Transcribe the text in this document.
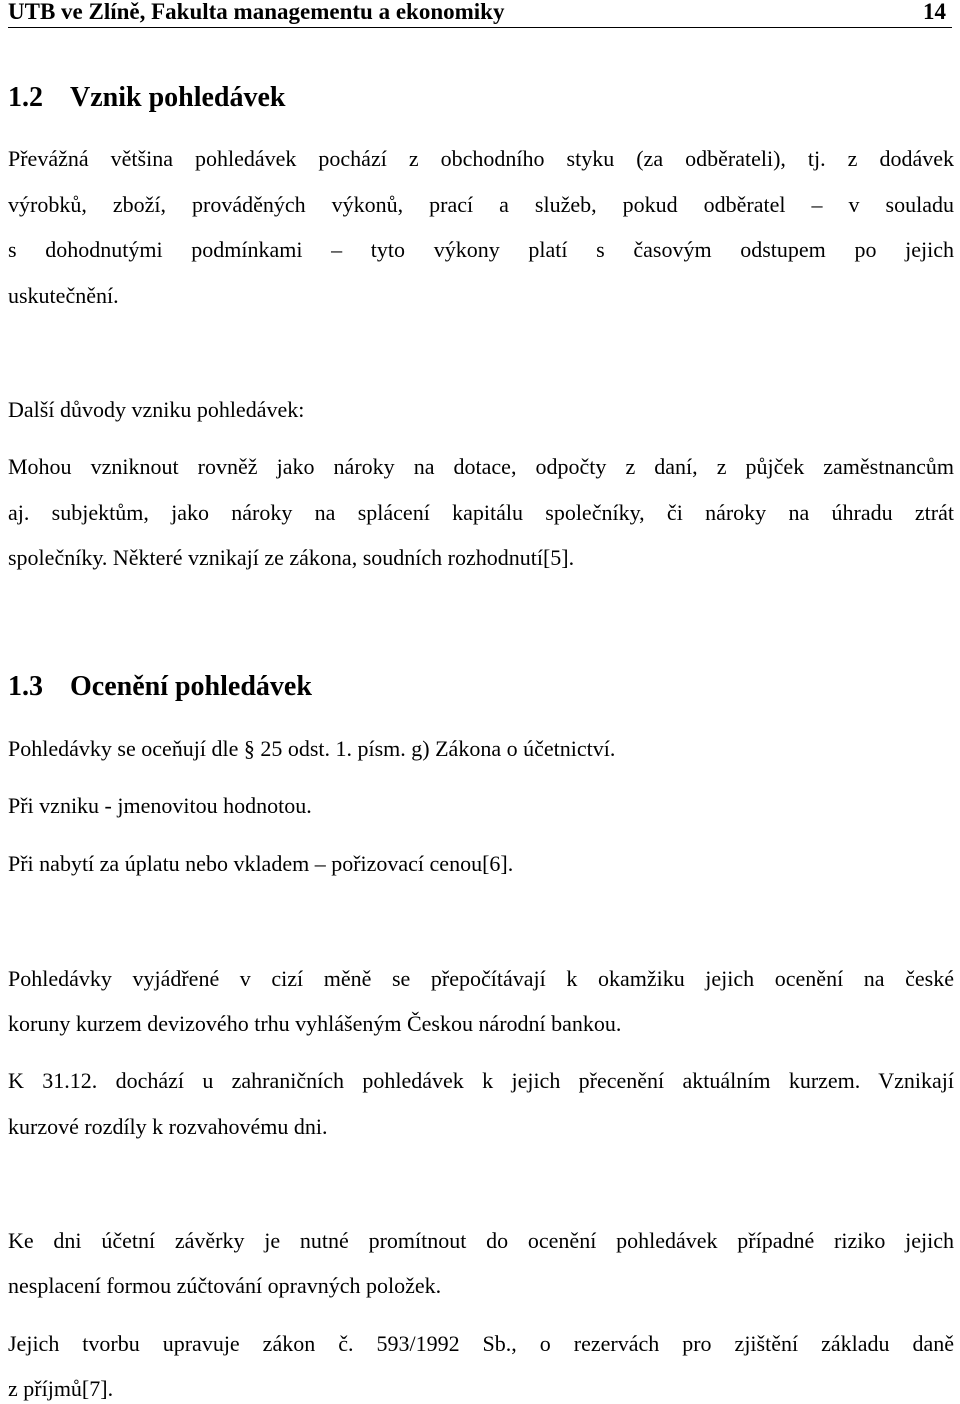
UTB ve Zlíně, Fakulta managementu a ekonomiky	14
1.2 Vznik pohledávek
Převážná většina pohledávek pochází z obchodního styku (za odběrateli), tj. z dodávek
výrobků, zboží, prováděných výkonů, prací a služeb, pokud odběratel – v souladu
s dohodnutými podmínkami – tyto výkony platí s časovým odstupem po jejich
uskutečnění.
Další důvody vzniku pohledávek:
Mohou vzniknout rovněž jako nároky na dotace, odpočty z daní, z půjček zaměstnancům
aj. subjektům, jako nároky na splácení kapitálu společníky, či nároky na úhradu ztrát
společníky. Některé vznikají ze zákona, soudních rozhodnutí[5].
1.3 Ocenění pohledávek
Pohledávky se oceňují dle § 25 odst. 1. písm. g) Zákona o účetnictví.
Při vzniku - jmenovitou hodnotou.
Při nabytí za úplatu nebo vkladem – pořizovací cenou[6].
Pohledávky vyjádřené v cizí měně se přepočítávají k okamžiku jejich ocenění na české
koruny kurzem devizového trhu vyhlášeným Českou národní bankou.
K 31.12. dochází u zahraničních pohledávek k jejich přecenění aktuálním kurzem. Vznikají
kurzové rozdíly k rozvahovému dni.
Ke dni účetní závěrky je nutné promítnout do ocenění pohledávek případné riziko jejich
nesplacení formou zúčtování opravných položek.
Jejich tvorbu upravuje zákon č. 593/1992 Sb., o rezervách pro zjištění základu daně
z příjmů[7].
